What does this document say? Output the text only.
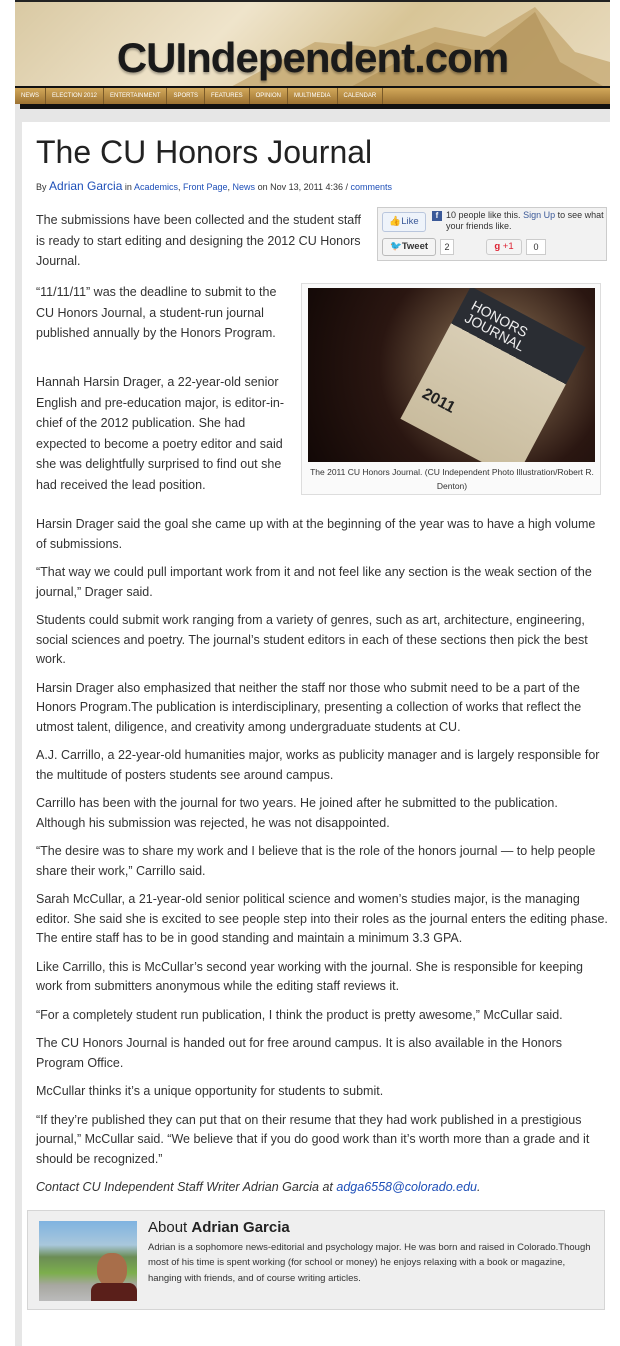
CUIndependent.com
NEWS	ELECTION 2012	ENTERTAINMENT	SPORTS	FEATURES	OPINION	MULTIMEDIA	CALENDAR
The CU Honors Journal
By Adrian Garcia in Academics, Front Page, News on Nov 13, 2011 4:36 / comments
👍Like
f 10 people like this. Sign Up to see what your friends like.
🐦Tweet	2	g +1	0
The submissions have been collected and the student staff is ready to start editing and designing the 2012 CU Honors Journal.
“11/11/11” was the deadline to submit to the CU Honors Journal, a student-run journal published annually by the Honors Program.
Hannah Harsin Drager, a 22-year-old senior English and pre-education major, is editor-in-chief of the 2012 publication. She had expected to become a poetry editor and said she was delightfully surprised to find out she had received the lead position.
HONORS JOURNAL
2011
The 2011 CU Honors Journal. (CU Independent Photo Illustration/Robert R. Denton)
Harsin Drager said the goal she came up with at the beginning of the year was to have a high volume of submissions.
“That way we could pull important work from it and not feel like any section is the weak section of the journal,” Drager said.
Students could submit work ranging from a variety of genres, such as art, architecture, engineering, social sciences and poetry. The journal’s student editors in each of these sections then pick the best work.
Harsin Drager also emphasized that neither the staff nor those who submit need to be a part of the Honors Program.The publication is interdisciplinary, presenting a collection of works that reflect the utmost talent, diligence, and creativity among undergraduate students at CU.
A.J. Carrillo, a 22-year-old humanities major, works as publicity manager and is largely responsible for the multitude of posters students see around campus.
Carrillo has been with the journal for two years. He joined after he submitted to the publication. Although his submission was rejected, he was not disappointed.
“The desire was to share my work and I believe that is the role of the honors journal — to help people share their work,” Carrillo said.
Sarah McCullar, a 21-year-old senior political science and women’s studies major, is the managing editor. She said she is excited to see people step into their roles as the journal enters the editing phase. The entire staff has to be in good standing and maintain a minimum 3.3 GPA.
Like Carrillo, this is McCullar’s second year working with the journal. She is responsible for keeping work from submitters anonymous while the editing staff reviews it.
“For a completely student run publication, I think the product is pretty awesome,” McCullar said.
The CU Honors Journal is handed out for free around campus. It is also available in the Honors Program Office.
McCullar thinks it’s a unique opportunity for students to submit.
“If they’re published they can put that on their resume that they had work published in a prestigious journal,” McCullar said. “We believe that if you do good work than it’s worth more than a grade and it should be recognized.”
Contact CU Independent Staff Writer Adrian Garcia at adga6558@colorado.edu.
About Adrian Garcia
Adrian is a sophomore news-editorial and psychology major. He was born and raised in Colorado.Though most of his time is spent working (for school or money) he enjoys relaxing with a book or magazine, hanging with friends, and of course writing articles.
